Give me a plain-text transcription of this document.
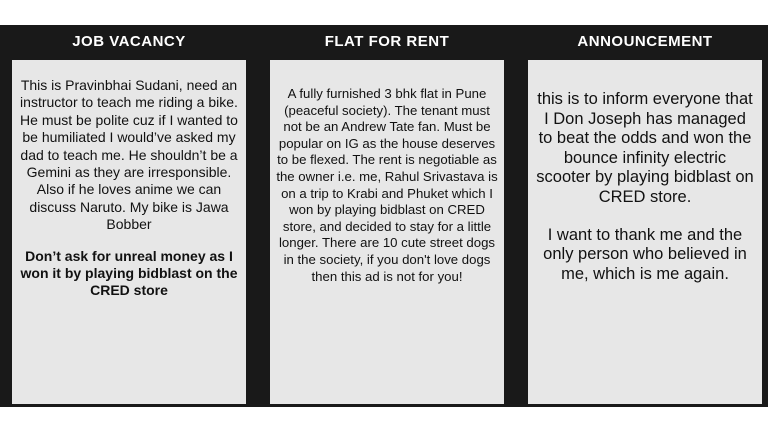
JOB VACANCY

This is Pravinbhai Sudani, need an instructor to teach me riding a bike. He must be polite cuz if I wanted to be humiliated I would’ve asked my dad to teach me. He shouldn’t be a Gemini as they are irresponsible. Also if he loves anime we can discuss Naruto. My bike is Jawa Bobber

Don’t ask for unreal money as I won it by playing bidblast on the CRED store

FLAT FOR RENT

A fully furnished 3 bhk flat in Pune (peaceful society). The tenant must not be an Andrew Tate fan. Must be popular on IG as the house deserves to be flexed. The rent is negotiable as the owner i.e. me, Rahul Srivastava is on a trip to Krabi and Phuket which I won by playing bidblast on CRED store, and decided to stay for a little longer. There are 10 cute street dogs in the society, if you don't love dogs then this ad is not for you!

ANNOUNCEMENT

this is to inform everyone that I Don Joseph has managed to beat the odds and won the bounce infinity electric scooter by playing bidblast on CRED store.

I want to thank me and the only person who believed in me, which is me again.
